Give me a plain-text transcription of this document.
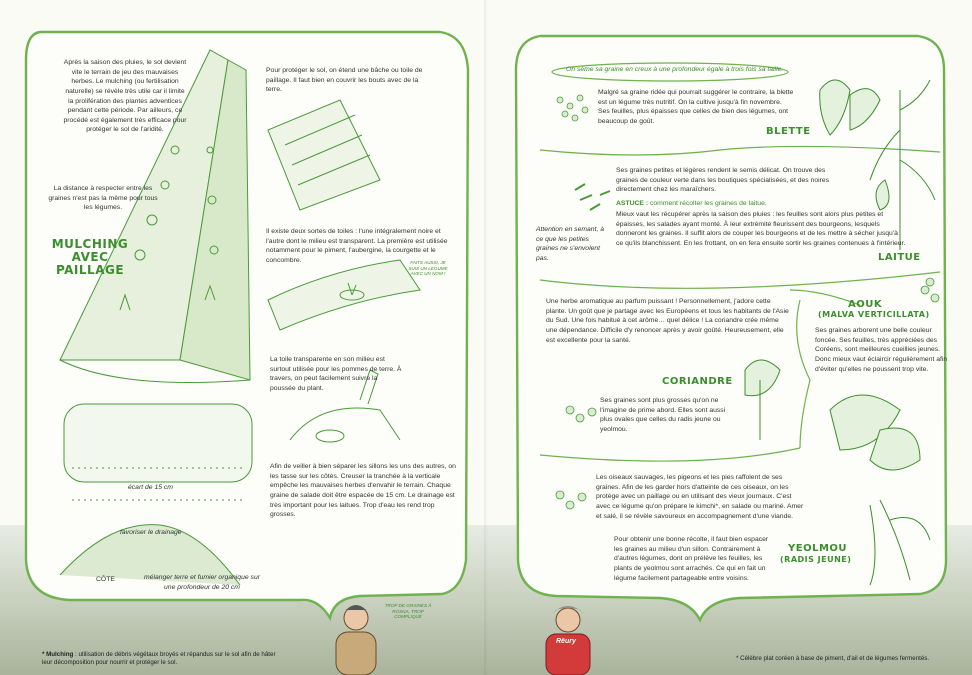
Après la saison des pluies, le sol devient vite le terrain de jeu des mauvaises herbes. Le mulching (ou fertilisation naturelle) se révèle très utile car il limite la prolifération des plantes adventices pendant cette période. Par ailleurs, ce procédé est également très efficace pour protéger le sol de l'aridité.

La distance à respecter entre les graines n'est pas la même pour tous les légumes.

MULCHING AVEC PAILLAGE

Pour protéger le sol, on étend une bâche ou toile de paillage. Il faut bien en couvrir les bouts avec de la terre.

Il existe deux sortes de toiles : l'une intégralement noire et l'autre dont le milieu est transparent. La première est utilisée notamment pour le piment, l'aubergine, la courgette et le concombre.	FAITS AUSSI, JE SUIS UN LÉGUME AVEC UN NOM !

La toile transparente en son milieu est surtout utilisée pour les pommes de terre. À travers, on peut facilement suivre la poussée du plant.

Afin de veiller à bien séparer les sillons les uns des autres, on les tasse sur les côtés. Creuser la tranchée à la verticale empêche les mauvaises herbes d'envahir le terrain. Chaque graine de salade doit être espacée de 15 cm. Le drainage est très important pour les laitues. Trop d'eau les rend trop grosses.

écart de 15 cm
favoriser le drainage
CÔTE	mélanger terre et fumier organique sur une profondeur de 20 cm

TROP DE GRAINES À ROSNA, TROP COMPLIQUÉ
Rēury
* Mulching : utilisation de débris végétaux broyés et répandus sur le sol afin de hâter leur décomposition pour nourrir et protéger le sol.
On sème sa graine en creux à une profondeur égale à trois fois sa taille.

Malgré sa graine ridée qui pourrait suggérer le contraire, la blette est un légume très nutritif. On la cultive jusqu'à fin novembre. Ses feuilles, plus épaisses que celles de bien des légumes, ont beaucoup de goût.

BLETTE

Ses graines petites et légères rendent le semis délicat. On trouve des graines de couleur verte dans les boutiques spécialisées, et des noires directement chez les maraîchers.

ASTUCE : comment récolter les graines de laitue.

Mieux vaut les récupérer après la saison des pluies : les feuilles sont alors plus petites et épaisses, les salades ayant monté. À leur extrémité fleurissent des bourgeons, lesquels donneront les graines. Il suffit alors de couper les bourgeons et de les mettre à sécher jusqu'à ce qu'ils blanchissent. En les frottant, on en fera ensuite sortir les graines contenues à l'intérieur.

Attention en semant, à ce que les petites graines ne s'envolent pas.	LAITUE

Une herbe aromatique au parfum puissant ! Personnellement, j'adore cette plante. Un goût que je partage avec les Européens et tous les habitants de l'Asie du Sud. Une fois habitué à cet arôme… quel délice ! La coriandre crée même une dépendance. Difficile d'y renoncer après y avoir goûté. Heureusement, elle est excellente pour la santé.

CORIANDRE

Ses graines sont plus grosses qu'on ne l'imagine de prime abord. Elles sont aussi plus ovales que celles du radis jeune ou yeolmou.

AOUK
(MALVA VERTICILLATA)

Ses graines arborent une belle couleur foncée. Ses feuilles, très appréciées des Coréens, sont meilleures cueillies jeunes. Donc mieux vaut éclaircir régulièrement afin d'éviter qu'elles ne poussent trop vite.

Les oiseaux sauvages, les pigeons et les pies raffolent de ses graines. Afin de les garder hors d'atteinte de ces oiseaux, on les protège avec un paillage ou en utilisant des vieux journaux. C'est avec ce légume qu'on prépare le kimchi*, en salade ou mariné. Amer et salé, il se révèle savoureux en accompagnement d'une viande.

Pour obtenir une bonne récolte, il faut bien espacer les graines au milieu d'un sillon. Contrairement à d'autres légumes, dont on prélève les feuilles, les plants de yeolmou sont arrachés. Ce qui en fait un légume facilement partageable entre voisins.

YEOLMOU
(RADIS JEUNE)
* Célèbre plat coréen à base de piment, d'ail et de légumes fermentés.
